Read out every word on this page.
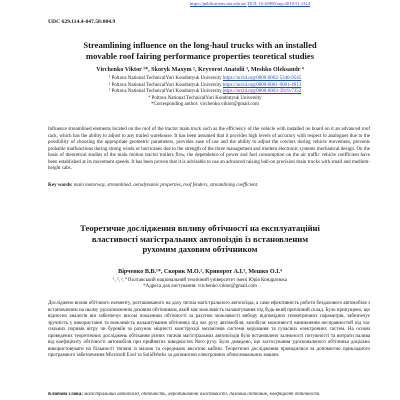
https://publications.ntu.edu.ua/ DOI: 10.26906/znp.2018.51.1314
UDC 629.114.4-047.58:004.9
Streamlining influence on the long-haul trucks with an installed
movable roof fairing performance properties teoretical studies
Virchenko Viktor ¹*, Skoryk Maxym ², Kryvorot Anatolii ³, Meshko Oleksandr ⁴
¹ Poltava National TechnicalYuri Kondratyuk University https://orcid.org/0000-0002-5346-9545
² Poltava National TechnicalYuri Kondratyuk University https://orcid.org/0000-0001-9001-4913
³ Poltava National TechnicalYuri Kondratyuk University https://orcid.org/0000-0003-3919-7352
⁴ Poltava National TechnicalYuri Kondratyuk University
*Corresponding author: virchenko.viktor@gmail.com

Influence streamlined elements located on the roof of the tractor main truck such as the efficiency of the vehicle with installed no board on it an advanced roof rack, which has the ability to adjust to any trailed warehouse. It has been assumed that it provides high levels of accuracy with respect to analogues due to the possibility of choosing the appropriate geometric parameters, provides ease of use and the ability to adjust the cowlers during vehicle movement, prevents probable malfunctions during strong winds or hurricanes due to the strength of the three management and modern electronic systems mechanical design. On the basis of theoretical studies of the main motion tractor trailers flow, the dependence of power and fuel consumption on the air traffic vehicle coefficient have been established at its movement speeds. It has been proven that it is advisable to use an advanced raising ball-on precision drain trucks with small and medium-height cabs.

Key words: main motorway, streamlined, aerodynamic properties, roof fenders, streamlining coefficient.

Теоретичне дослідження впливу обтічності на експлуатаційні
властивості магістральних автопоїздів із встановленим
рухомим даховим обтічником
Вірченко В.В.¹*, Скорик М.О.², Криворот А.І.³, Мешко О.І.⁴
¹, ², ³, ⁴ Полтавський національний технічний університет імені Юрія Кондратюка
*Адреса для листування: virchenko.viktor@gmail.com

Досліджено вплив обтічного елементу, розташованого на даху тягача магістрального автопоїзда, а саме ефективність роботи бездахового автомобіля з встановленим на ньому удосконаленим даховим обтічником, який має можливість налаштування під будь-який причіпний склад. Було припущено, що відносно аналогів він забезпечує високі показники обтічності за рахунок можливості вибору відповідних геометричних параметрів, забезпечує зручність у використанні та можливість налаштування обтічника під час руху автомобіля, запобігає можливості виникнення несправностей під час сильних поривів вітру чи буревіїв за рахунок міцності конструкції механізмів системи керування та сучасних електронних систем. На основі проведених теоретичних досліджень обтікання різних тягачів магістральних автопоїздів було встановлено залежності потужності та витрати палива від коефіцієнту обтічності автомобіля при прийнятих швидкостях його руху. Було доведено, що застосування удосконаленого обтічника доцільно використовувати на більшості тягачів із малою та середньою висотою кабіни. Теоретичні дослідження проводилися за допомогою прикладного програмного забезпечення Microsoft Exel та SolidWorks за допомогою електронних обчислювальних машин.

Ключові слова: магістральний автопоїзд, обтічність, аеродинамічні властивості, даховий обтічник, коефіцієнт обтічності.
